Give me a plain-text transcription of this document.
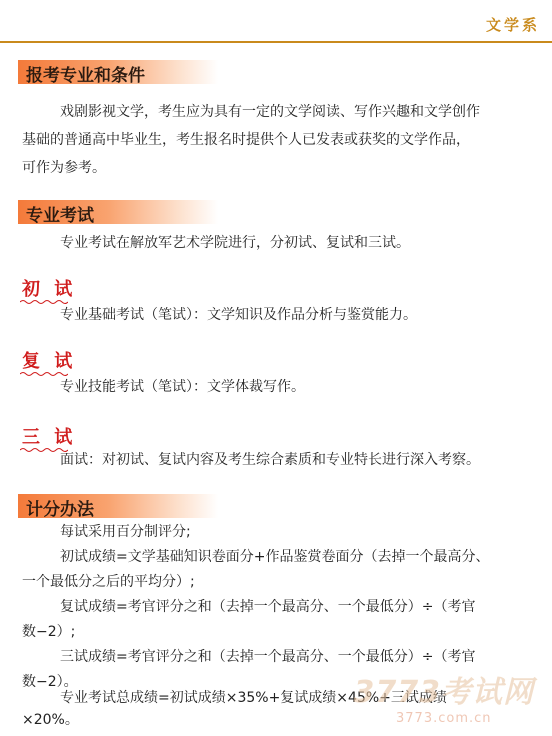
文学系
报考专业和条件
戏剧影视文学，考生应为具有一定的文学阅读、写作兴趣和文学创作
基础的普通高中毕业生，考生报名时提供个人已发表或获奖的文学作品，
可作为参考。
专业考试
专业考试在解放军艺术学院进行，分初试、复试和三试。
初 试
专业基础考试（笔试）：文学知识及作品分析与鉴赏能力。
复 试
专业技能考试（笔试）：文学体裁写作。
三 试
面试：对初试、复试内容及考生综合素质和专业特长进行深入考察。
计分办法
每试采用百分制评分;
初试成绩=文学基础知识卷面分+作品鉴赏卷面分（去掉一个最高分、
一个最低分之后的平均分）;
复试成绩=考官评分之和（去掉一个最高分、一个最低分）÷（考官
数−2）;
三试成绩=考官评分之和（去掉一个最高分、一个最低分）÷（考官
数−2）。
专业考试总成绩=初试成绩×35%+复试成绩×45%+三试成绩
×20%。
3773考试网
3773.com.cn
